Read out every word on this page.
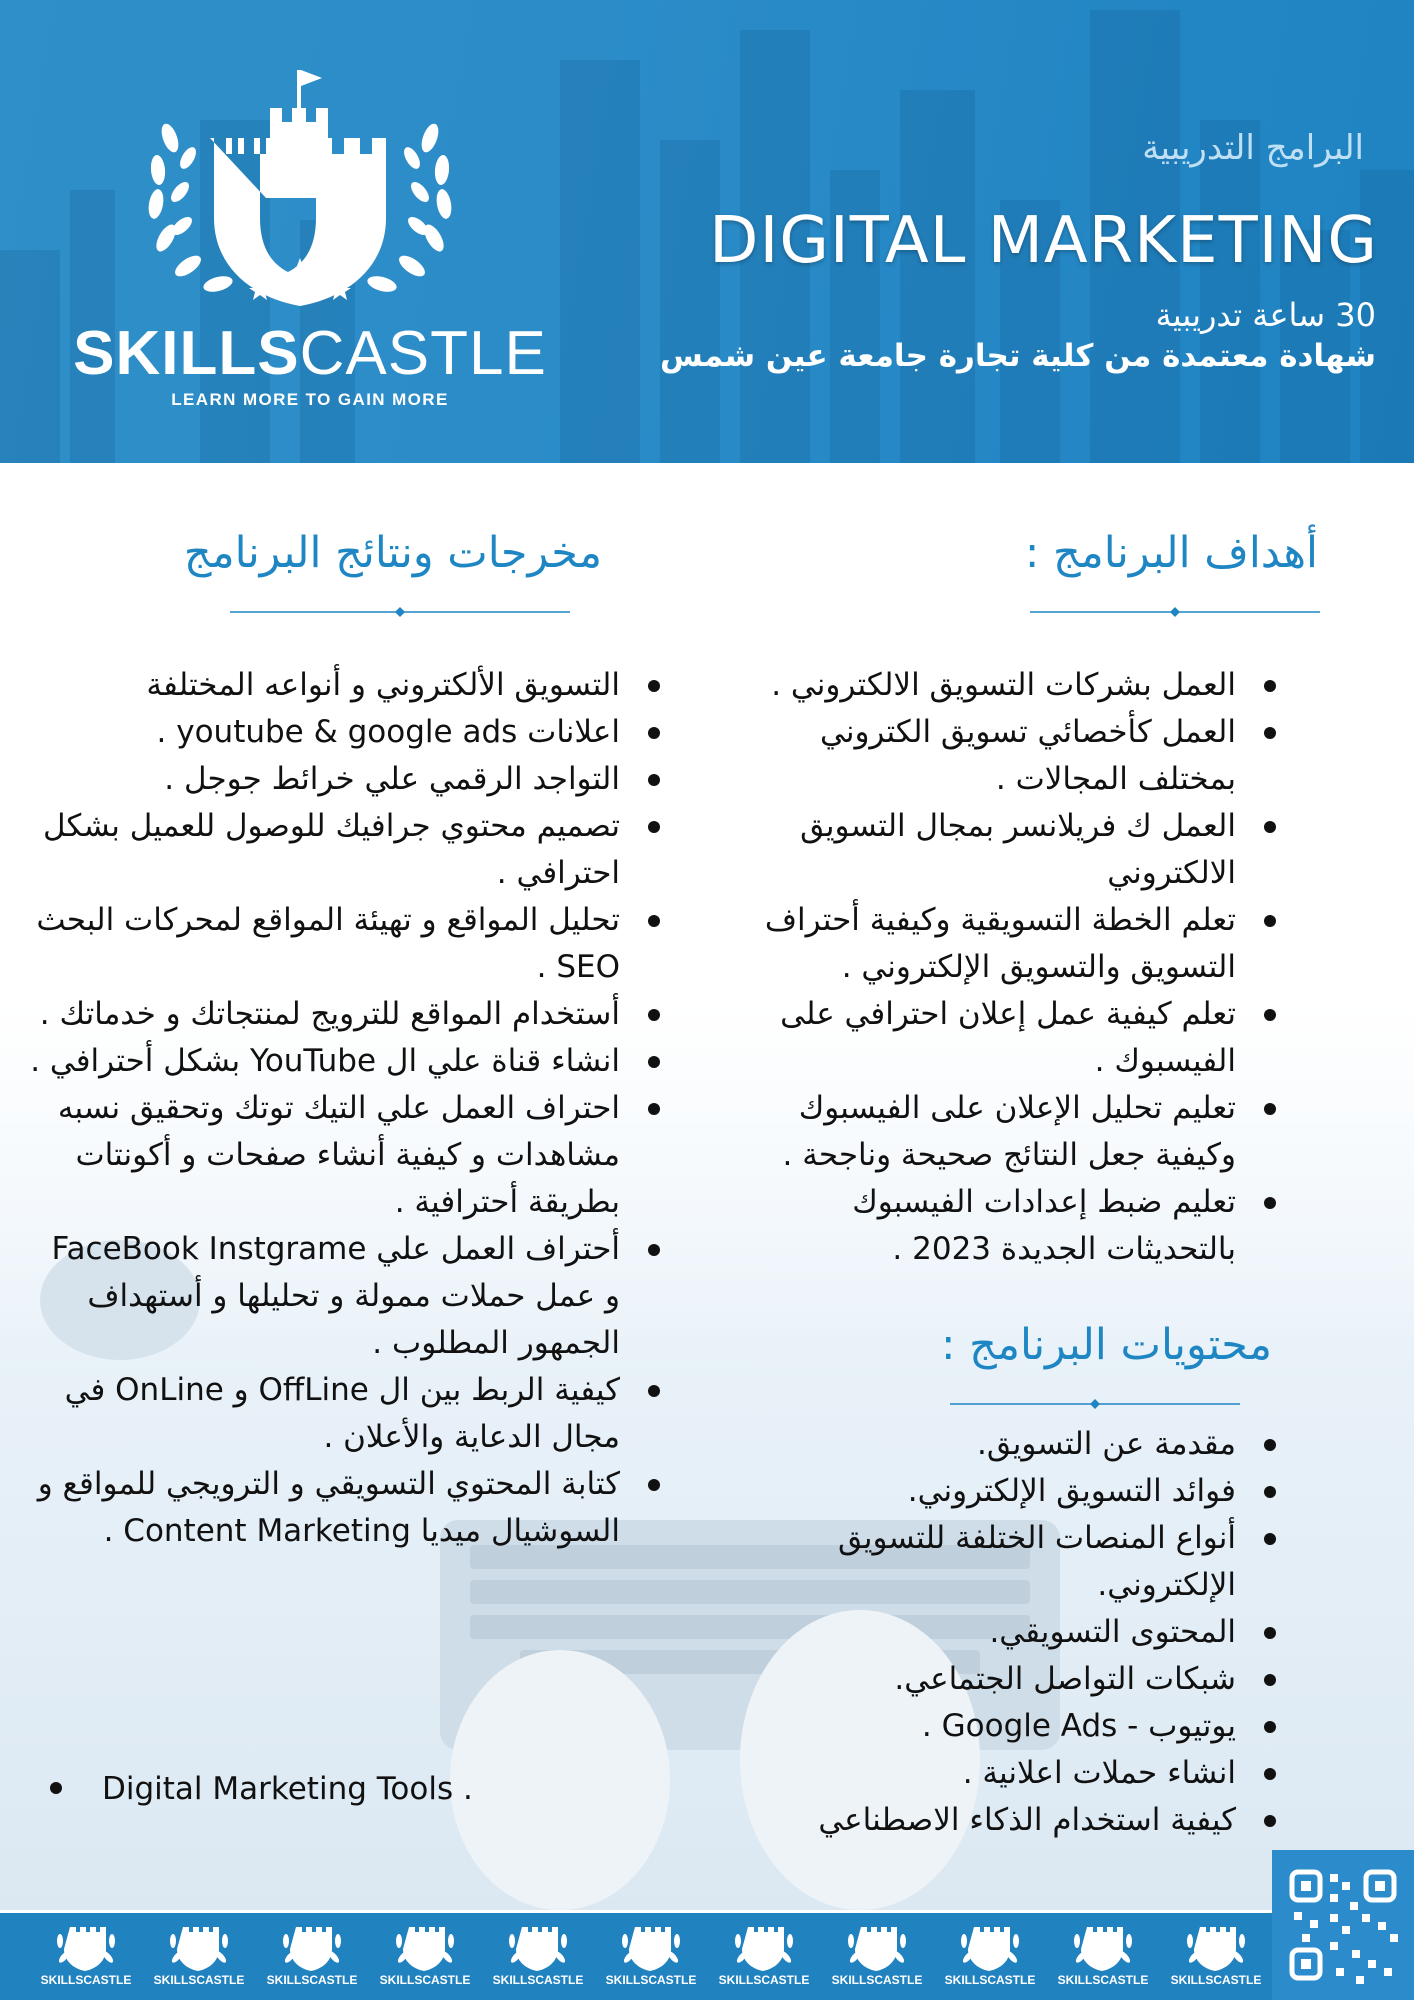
SKILLSCASTLE
LEARN MORE TO GAIN MORE
البرامج التدريبية
DIGITAL MARKETING
30 ساعة تدريبية
شهادة معتمدة من كلية تجارة جامعة عين شمس
أهداف البرنامج :
العمل بشركات التسويق الالكتروني .
العمل كأخصائي تسويق الكتروني بمختلف المجالات .
العمل ك فريلانسر بمجال التسويق الالكتروني
تعلم الخطة التسويقية وكيفية أحتراف التسويق والتسويق الإلكتروني .
تعلم كيفية عمل إعلان احترافي على الفيسبوك .
تعليم تحليل الإعلان على الفيسبوك وكيفية جعل النتائج صحيحة وناجحة .
تعليم ضبط إعدادات الفيسبوك بالتحديثات الجديدة 2023 .
محتويات البرنامج :
مقدمة عن التسويق.
فوائد التسويق الإلكتروني.
أنواع المنصات الختلفة للتسويق الإلكتروني.
المحتوى التسويقي.
شبكات التواصل الجتماعي.
يوتيوب - Google Ads .
انشاء حملات اعلانية .
كيفية استخدام الذكاء الاصطناعي
مخرجات ونتائج البرنامج
التسويق الألكتروني و أنواعه المختلفة
اعلانات youtube & google ads .
التواجد الرقمي علي خرائط جوجل .
تصميم محتوي جرافيك للوصول للعميل بشكل احترافي .
تحليل المواقع و تهيئة المواقع لمحركات البحث SEO .
أستخدام المواقع للترويج لمنتجاتك و خدماتك .
انشاء قناة علي ال YouTube بشكل أحترافي .
احتراف العمل علي التيك توتك وتحقيق نسبه مشاهدات و كيفية أنشاء صفحات و أكونتات بطريقة أحترافية .
أحتراف العمل علي FaceBook Instgrame و عمل حملات ممولة و تحليلها و أستهداف الجمهور المطلوب .
كيفية الربط بين ال OffLine و OnLine في مجال الدعاية والأعلان .
كتابة المحتوي التسويقي و الترويجي للمواقع و السوشيال ميديا Content Marketing .
Digital Marketing Tools .
SKILLSCASTLE	SKILLSCASTLE	SKILLSCASTLE	SKILLSCASTLE	SKILLSCASTLE	SKILLSCASTLE	SKILLSCASTLE	SKILLSCASTLE	SKILLSCASTLE	SKILLSCASTLE	SKILLSCASTLE
